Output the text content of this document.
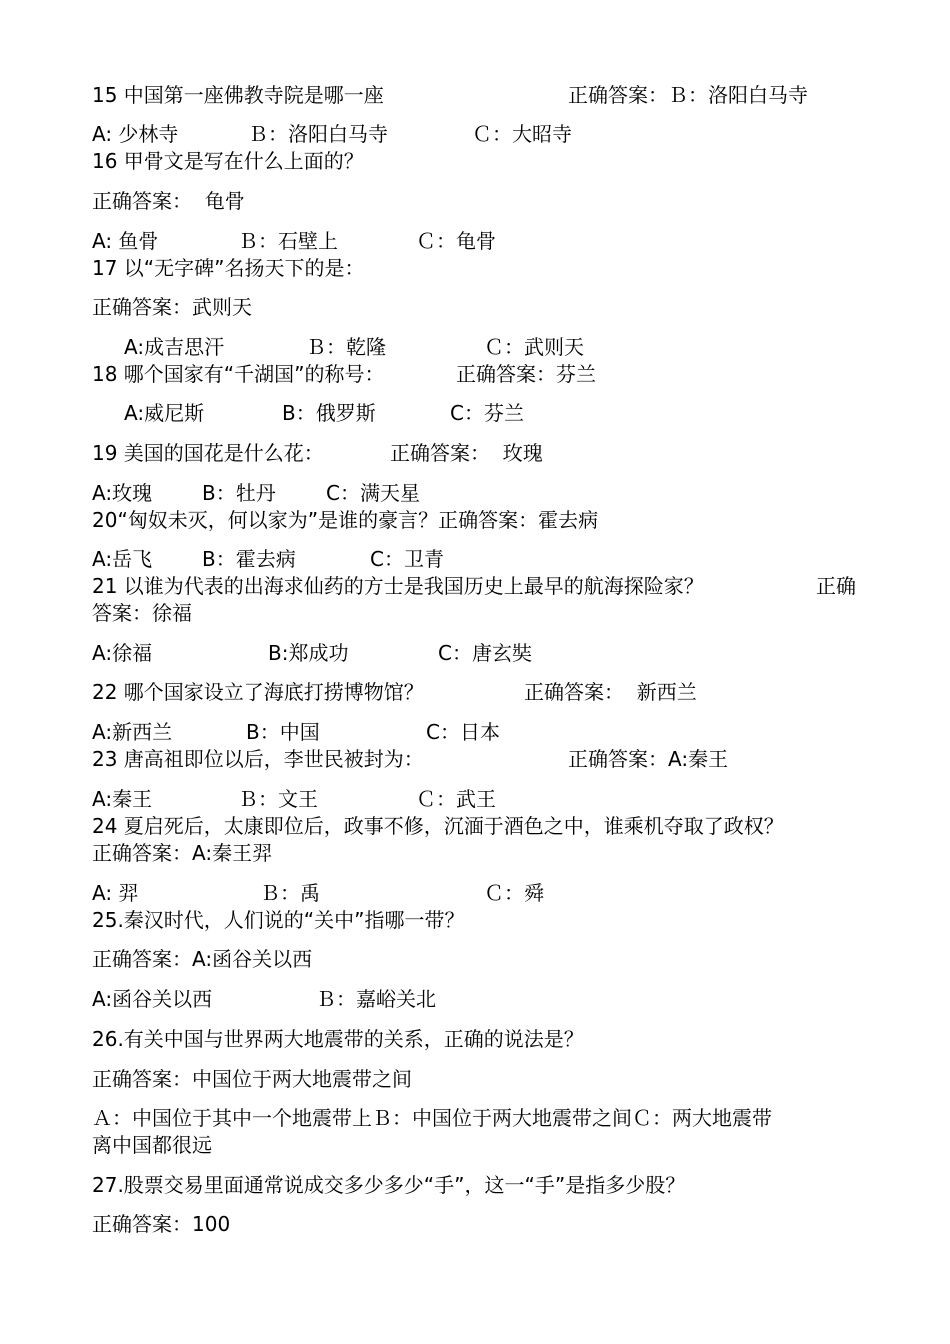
15 中国第一座佛教寺院是哪一座	正确答案：Ｂ：洛阳白马寺
A: 少林寺	Ｂ：洛阳白马寺	Ｃ：大昭寺
16 甲骨文是写在什么上面的？
正确答案：  龟骨
A: 鱼骨	Ｂ：石壁上	Ｃ：龟骨
17 以“无字碑”名扬天下的是：
正确答案：武则天
A:成吉思汗	Ｂ：乾隆	Ｃ：武则天
18 哪个国家有“千湖国”的称号：	正确答案：芬兰
A:威尼斯	B：俄罗斯	C：芬兰
19 美国的国花是什么花：	正确答案：  玫瑰
A:玫瑰 B：牡丹	C：满天星
20“匈奴未灭，何以家为”是谁的豪言？正确答案：霍去病
A:岳飞 B：霍去病	C：卫青
21 以谁为代表的出海求仙药的方士是我国历史上最早的航海探险家？	正确
答案：徐福
A:徐福	B:郑成功	C：唐玄奘
22 哪个国家设立了海底打捞博物馆？	正确答案：  新西兰
A:新西兰	B：中国	C：日本
23 唐高祖即位以后，李世民被封为：	正确答案：A:秦王
A:秦王	Ｂ：文王	Ｃ：武王
24 夏启死后，太康即位后，政事不修，沉湎于酒色之中，谁乘机夺取了政权？
正确答案：A:秦王羿
A: 羿	Ｂ：禹	Ｃ：舜
25.秦汉时代，人们说的“关中”指哪一带？
正确答案：A:函谷关以西
A:函谷关以西	Ｂ：嘉峪关北
26.有关中国与世界两大地震带的关系，正确的说法是？
正确答案：中国位于两大地震带之间
Ａ：中国位于其中一个地震带上Ｂ：中国位于两大地震带之间Ｃ：两大地震带
离中国都很远
27.股票交易里面通常说成交多少多少“手”，这一“手”是指多少股？
正确答案：100
